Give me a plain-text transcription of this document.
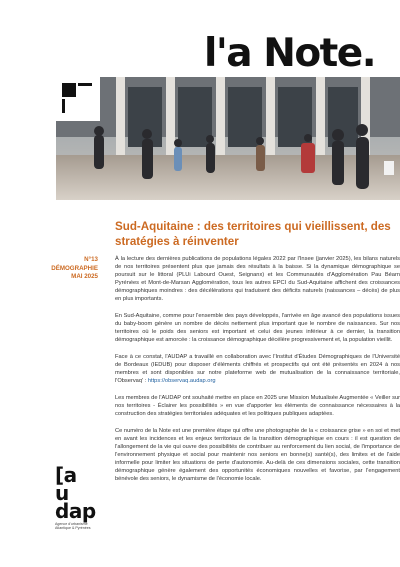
l'a Note.
Sud-Aquitaine : des territoires qui vieillissent, des stratégies à réinventer
N°13
DÉMOGRAPHIE
MAI 2025

À la lecture des dernières publications de populations légales 2022 par l'Insee (janvier 2025), les bilans naturels de nos territoires présentent plus que jamais des résultats à la baisse. Si la dynamique démographique se poursuit sur le littoral (PLUi Labourd Ouest, Seignanx) et les Communautés d'Agglomération Pau Béarn Pyrénées et Mont-de-Marsan Agglomération, tous les autres EPCI du Sud-Aquitaine affichent des croissances démographiques moindres : des décélérations qui traduisent des déficits naturels (naissances – décès) de plus en plus importants.

En Sud-Aquitaine, comme pour l'ensemble des pays développés, l'arrivée en âge avancé des populations issues du baby-boom génère un nombre de décès nettement plus important que le nombre de naissances. Sur nos territoires où le poids des seniors est important et celui des jeunes inférieur à ce dernier, la transition démographique est amorcée : la croissance démographique décélère progressivement et, la population vieillit.

Face à ce constat, l'AUDAP a travaillé en collaboration avec l'Institut d'Études Démographiques de l'Université de Bordeaux (IEDUB) pour disposer d'éléments chiffrés et prospectifs qui ont été présentés en 2024 à nos membres et sont disponibles sur notre plateforme web de mutualisation de la connaissance territoriale, l'Observaq' : https://observaq.audap.org

Les membres de l'AUDAP ont souhaité mettre en place en 2025 une Mission Mutualisée Augmentée « Veiller sur nos territoires - Éclairer les possibilités » en vue d'apporter les éléments de connaissance nécessaires à la construction des stratégies territoriales adéquates et les politiques publiques adaptées.

Ce numéro de la Note est une première étape qui offre une photographie de la « croissance grise » en soi et met en avant les incidences et les enjeux territoriaux de la transition démographique en cours : il est question de l'allongement de la vie qui ouvre des possibilités de contribuer au renforcement du lien social, de l'importance de l'environnement physique et social pour maintenir nos seniors en bonne(s) santé(s), des limites et de l'aide informelle pour limiter les situations de perte d'autonomie. Au-delà de ces dimensions sociales, cette transition démographique génère également des opportunités économiques nouvelles et favorise, par l'engagement bénévole des seniors, le dynamisme de l'économie locale.

[a u
dap
Agence d'urbanisme Atlantique & Pyrénées
